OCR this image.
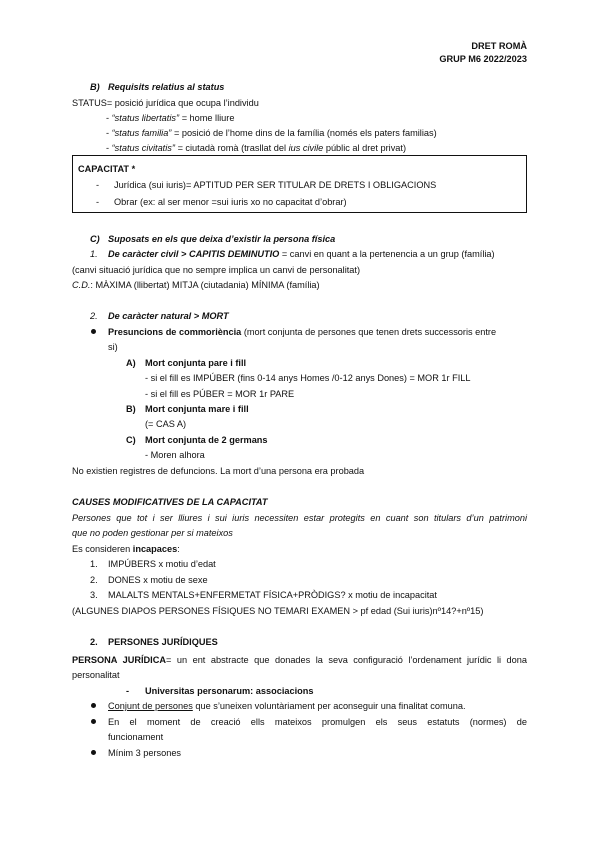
DRET ROMÀ
GRUP M6 2022/2023
B) Requisits relatius al status
STATUS= posició jurídica que ocupa l’individu
- “status libertatis” = home lliure
- “status familia” = posició de l’home dins de la família (només els paters familias)
- “status civitatis” = ciutadà romà (trasllat del ius civile públic al dret privat)
CAPACITAT *
- Jurídica (sui iuris)= APTITUD PER SER TITULAR DE DRETS I OBLIGACIONS
- Obrar (ex: al ser menor =sui iuris xo no capacitat d’obrar)
C) Suposats en els que deixa d’existir la persona física
1. De caràcter civil > CAPITIS DEMINUTIO = canvi en quant a la pertenencia a un grup (família)
(canvi situació jurídica que no sempre implica un canvi de personalitat)
C.D.: MÀXIMA (llibertat) MITJA (ciutadania) MÍNIMA (família)
2. De caràcter natural > MORT
Presuncions de commoriència (mort conjunta de persones que tenen drets successoris entre
si)
A) Mort conjunta pare i fill
- si el fill es IMPÚBER (fins 0-14 anys Homes /0-12 anys Dones) = MOR 1r FILL
- si el fill es PÚBER = MOR 1r PARE
B) Mort conjunta mare i fill
(= CAS A)
C) Mort conjunta de 2 germans
- Moren alhora
No existien registres de defuncions. La mort d’una persona era probada
CAUSES MODIFICATIVES DE LA CAPACITAT
Persones que tot i ser lliures i sui iuris necessiten estar protegits en cuant son titulars d’un patrimoni
que no poden gestionar per si mateixos
Es consideren incapaces:
1. IMPÚBERS x motiu d’edat
2. DONES x motiu de sexe
3. MALALTS MENTALS+ENFERMETAT FÍSICA+PRÒDIGS? x motiu de incapacitat
(ALGUNES DIAPOS PERSONES FÍSIQUES NO TEMARI EXAMEN > pf edad (Sui iuris)nº14?+nº15)
2. PERSONES JURÍDIQUES
PERSONA JURÍDICA= un ent abstracte que donades la seva configuració l’ordenament jurídic li dona
personalitat
- Universitas personarum: associacions
Conjunt de persones que s’uneixen voluntàriament per aconseguir una finalitat comuna.
En el moment de creació ells mateixos promulgen els seus estatuts (normes) de
funcionament
Mínim 3 persones
